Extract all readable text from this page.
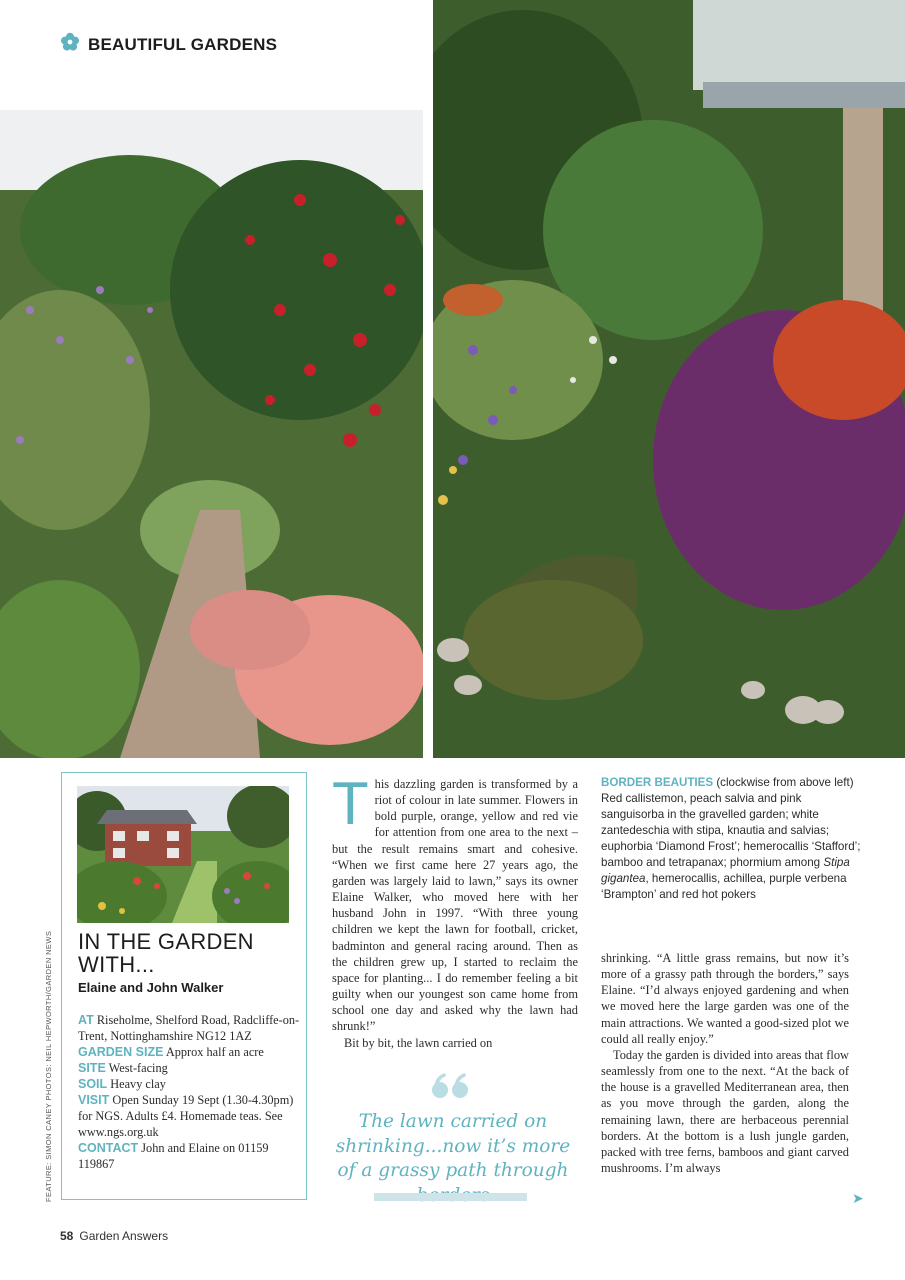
BEAUTIFUL GARDENS
FEATURE: SIMON CANEY PHOTOS: NEIL HEPWORTH/GARDEN NEWS IN THE GARDEN WITH...
Elaine and John Walker
AT Riseholme, Shelford Road, Radcliffe-on-Trent, Nottinghamshire NG12 1AZ
GARDEN SIZE Approx half an acre
SITE West-facing
SOIL Heavy clay
VISIT Open Sunday 19 Sept (1.30-4.30pm) for NGS. Adults £4. Homemade teas. See www.ngs.org.uk
CONTACT John and Elaine on 01159 119867

This dazzling garden is transformed by a riot of colour in late summer. Flowers in bold purple, orange, yellow and red vie for attention from one area to the next – but the result remains smart and cohesive. “When we first came here 27 years ago, the garden was largely laid to lawn,” says its owner Elaine Walker, who moved here with her husband John in 1997. “With three young children we kept the lawn for football, cricket, badminton and general racing around. Then as the children grew up, I started to reclaim the space for planting... I do remember feeling a bit guilty when our youngest son came home from school one day and asked why the lawn had shrunk!”

Bit by bit, the lawn carried on

The lawn carried on shrinking...now it’s more of a grassy path through
BORDER BEAUTIES (clockwise from above left) Red callistemon, peach salvia and pink sanguisorba in the gravelled garden; white zantedeschia with stipa, knautia and salvias; euphorbia ‘Diamond Frost’; hemerocallis ‘Stafford’; bamboo and tetrapanax; phormium among Stipa gigantea, hemerocallis, achillea, purple verbena ‘Brampton’ and red hot pokers

shrinking. “A little grass remains, but now it’s more of a grassy path through the borders,” says Elaine. “I’d always enjoyed gardening and when we moved here the large garden was one of the main attractions. We wanted a good-sized plot we could all really enjoy.”

Today the garden is divided into areas that flow seamlessly from one to the next. “At the back of the house is a gravelled Mediterranean area, then as you move through the garden, along the remaining lawn, there are herbaceous perennial borders. At the bottom is a lush jungle garden, packed with tree ferns, bamboos and giant carved mushrooms. I’m always

➤
58 Garden Answers
